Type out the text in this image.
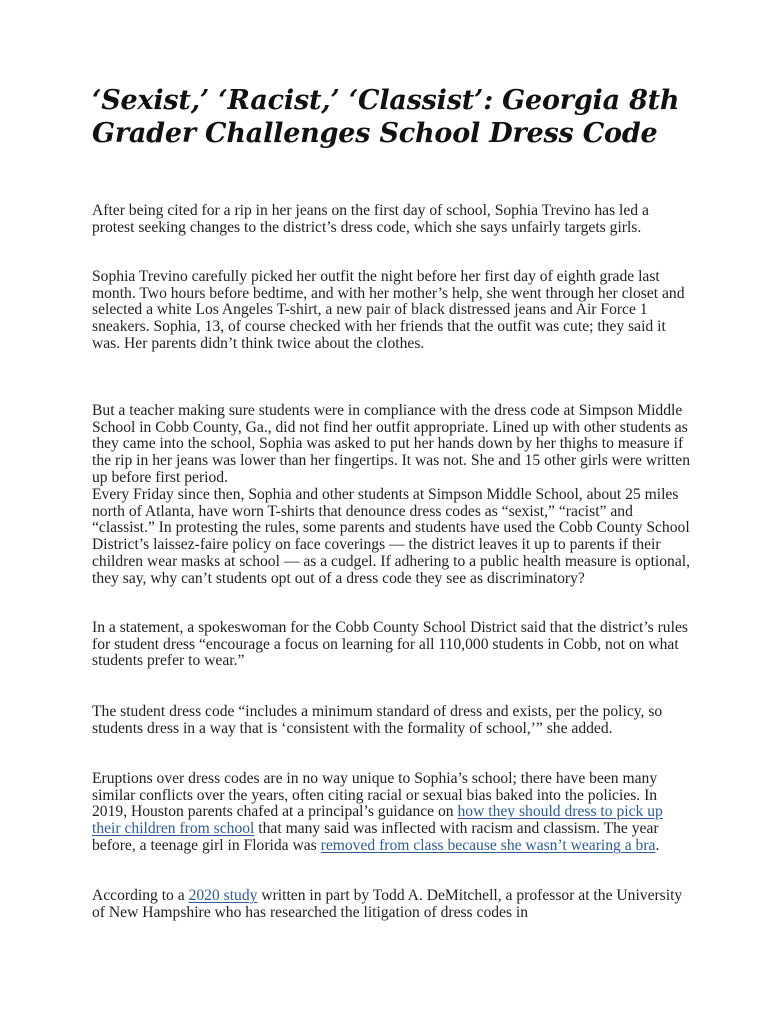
‘Sexist,’ ‘Racist,’ ‘Classist’: Georgia 8th Grader Challenges School Dress Code

After being cited for a rip in her jeans on the first day of school, Sophia Trevino has led a protest seeking changes to the district’s dress code, which she says unfairly targets girls.

Sophia Trevino carefully picked her outfit the night before her first day of eighth grade last month. Two hours before bedtime, and with her mother’s help, she went through her closet and selected a white Los Angeles T-shirt, a new pair of black distressed jeans and Air Force 1 sneakers. Sophia, 13, of course checked with her friends that the outfit was cute; they said it was. Her parents didn’t think twice about the clothes.

But a teacher making sure students were in compliance with the dress code at Simpson Middle School in Cobb County, Ga., did not find her outfit appropriate. Lined up with other students as they came into the school, Sophia was asked to put her hands down by her thighs to measure if the rip in her jeans was lower than her fingertips. It was not. She and 15 other girls were written up before first period.

Every Friday since then, Sophia and other students at Simpson Middle School, about 25 miles north of Atlanta, have worn T-shirts that denounce dress codes as “sexist,” “racist” and “classist.” In protesting the rules, some parents and students have used the Cobb County School District’s laissez-faire policy on face coverings — the district leaves it up to parents if their children wear masks at school — as a cudgel. If adhering to a public health measure is optional, they say, why can’t students opt out of a dress code they see as discriminatory?

In a statement, a spokeswoman for the Cobb County School District said that the district’s rules for student dress “encourage a focus on learning for all 110,000 students in Cobb, not on what students prefer to wear.”

The student dress code “includes a minimum standard of dress and exists, per the policy, so students dress in a way that is ‘consistent with the formality of school,’” she added.

Eruptions over dress codes are in no way unique to Sophia’s school; there have been many similar conflicts over the years, often citing racial or sexual bias baked into the policies. In 2019, Houston parents chafed at a principal’s guidance on how they should dress to pick up their children from school that many said was inflected with racism and classism. The year before, a teenage girl in Florida was removed from class because she wasn’t wearing a bra.

According to a 2020 study written in part by Todd A. DeMitchell, a professor at the University of New Hampshire who has researched the litigation of dress codes in
